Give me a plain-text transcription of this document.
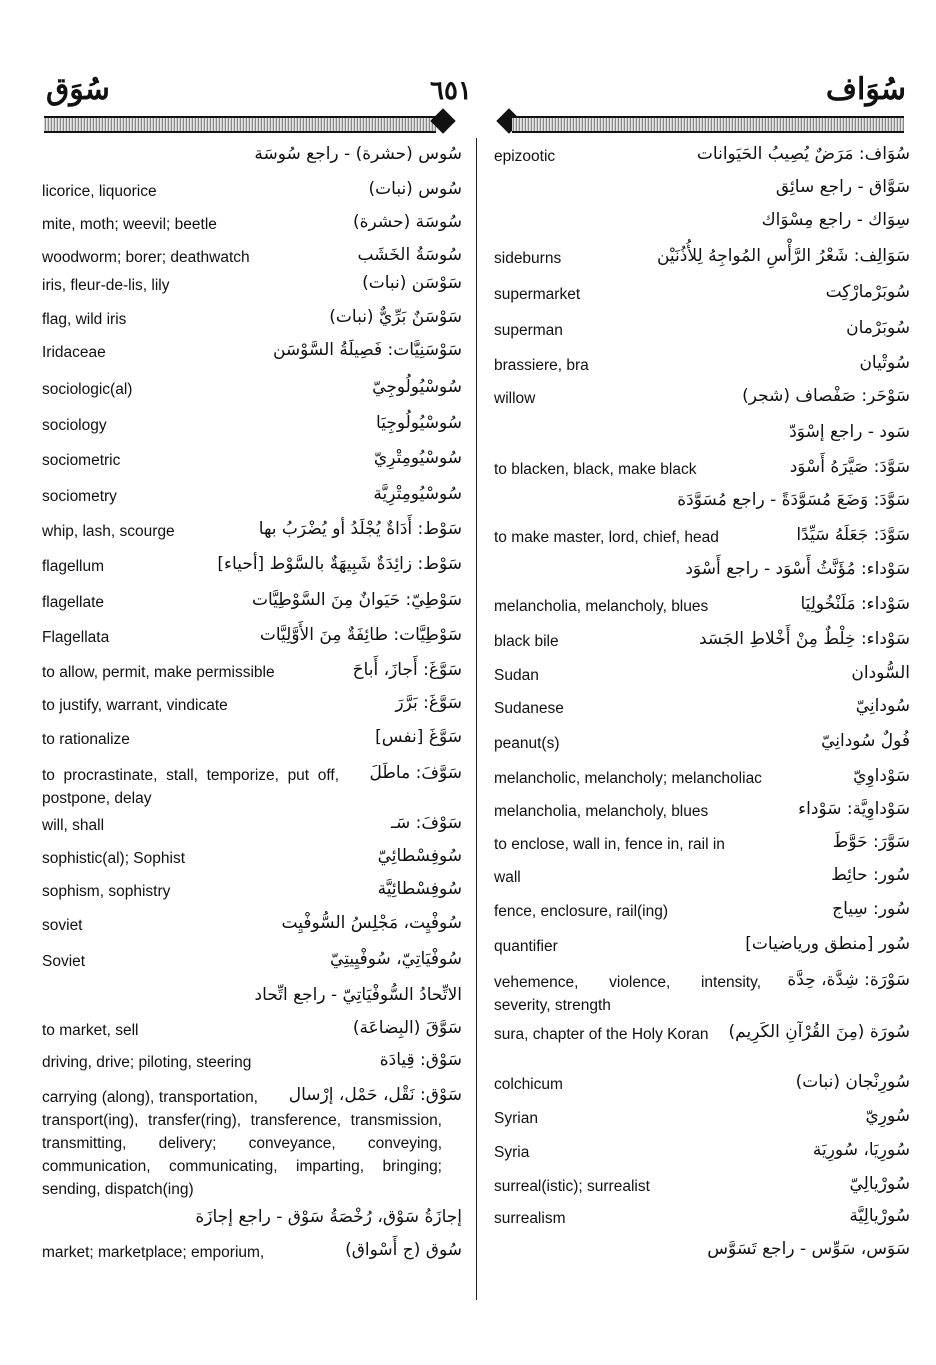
سُوَق	٦٥١	سُوَاف
سُوس (حشرة) - راجع سُوسَة
سُوس (نبات)
licorice, liquorice
سُوسَة (حشرة)
mite, moth; weevil; beetle
سُوسَةُ الخَشَب
woodworm; borer; deathwatch
سَوْسَن (نبات)
iris, fleur-de-lis, lily
سَوْسَنٌ بَرِّيٌّ (نبات)
flag, wild iris
سَوْسَنِيَّات: فَصِيلَةُ السَّوْسَن
Iridaceae
سُوسْيُولُوجِيّ
sociologic(al)
سُوسْيُولُوجِيَا
sociology
سُوسْيُومِتْرِيّ
sociometric
سُوسْيُومِتْرِيَّة
sociometry
سَوْط: أَدَاةٌ يُجْلَدُ أو يُضْرَبُ بها
whip, lash, scourge
سَوْط: زائِدَةٌ شَبِيهَةٌ بالسَّوْط [أحياء]
flagellum
سَوْطِيّ: حَيَوانٌ مِنَ السَّوْطِيَّات
flagellate
سَوْطِيَّات: طائِفَةٌ مِنَ الأَوَّلِيَّات
Flagellata
سَوَّغَ: أَجازَ، أَباحَ
to allow, permit, make permissible
سَوَّغَ: بَرَّرَ
to justify, warrant, vindicate
سَوَّغَ [نفس]
to rationalize
سَوَّفَ: ماطَلَ
to procrastinate, stall, temporize, put off, postpone, delay
سَوْفَ: سَـ
will, shall
سُوفِسْطائِيّ
sophistic(al); Sophist
سُوفِسْطائِيَّة
sophism, sophistry
سُوفْيِت، مَجْلِسُ السُّوفْيِت
soviet
سُوفْيَاتِيّ، سُوفْيِيتِيّ
Soviet
الاتِّحادُ السُّوفْيَاتِيّ - راجع اتِّحاد
سَوَّقَ (البِضاعَة)
to market, sell
سَوْق: قِيادَة
driving, drive; piloting, steering
سَوْق: نَقْل، حَمْل، إرْسال
carrying (along), transportation, transport(ing), transfer(ring), transference, transmission, transmitting, delivery; conveyance, conveying, communication, communicating, imparting, bringing; sending, dispatch(ing)
إجازَةُ سَوْق، رُخْصَةُ سَوْق - راجع إجازَة
سُوق (ج أَسْواق)
market; marketplace; emporium,
سُوَاف: مَرَضٌ يُصِيبُ الحَيَوانات
epizootic
سَوَّاق - راجع سائِق
سِوَاك - راجع مِسْوَاك
سَوَالِف: شَعْرُ الرَّأْسِ المُواجِهُ لِلأُذُنَيْن
sideburns
سُوبَرْمارْكِت
supermarket
سُوبَرْمان
superman
سُوتْيان
brassiere, bra
سَوْحَر: صَفْصاف (شجر)
willow
سَود - راجع إسْوَدّ
سَوَّدَ: صَيَّرَهُ أَسْوَد
to blacken, black, make black
سَوَّدَ: وَضَعَ مُسَوَّدَةً - راجع مُسَوَّدَة
سَوَّدَ: جَعَلَهُ سَيِّدًا
to make master, lord, chief, head
سَوْداء: مُؤَنَّثُ أَسْوَد - راجع أَسْوَد
سَوْداء: مَلَنْخُولِيَا
melancholia, melancholy, blues
سَوْداء: خِلْطٌ مِنْ أَخْلاطِ الجَسَد
black bile
السُّودان
Sudan
سُودانِيّ
Sudanese
فُولٌ سُودانِيّ
peanut(s)
سَوْداوِيّ
melancholic, melancholy; melancholiac
سَوْداوِيَّة: سَوْداء
melancholia, melancholy, blues
سَوَّرَ: حَوَّطَ
to enclose, wall in, fence in, rail in
سُور: حائِط
wall
سُور: سِياج
fence, enclosure, rail(ing)
سُور [منطق ورياضيات]
quantifier
سَوْرَة: شِدَّة، حِدَّة
vehemence, violence, intensity, severity, strength
سُورَة (مِنَ القُرْآنِ الكَرِيم)
sura, chapter of the Holy Koran
سُورِنْجان (نبات)
colchicum
سُورِيّ
Syrian
سُورِيَا، سُورِيَة
Syria
سُورْيالِيّ
surreal(istic); surrealist
سُورْيالِيَّة
surrealism
سَوَس، سَوِّس - راجع تَسَوَّس
